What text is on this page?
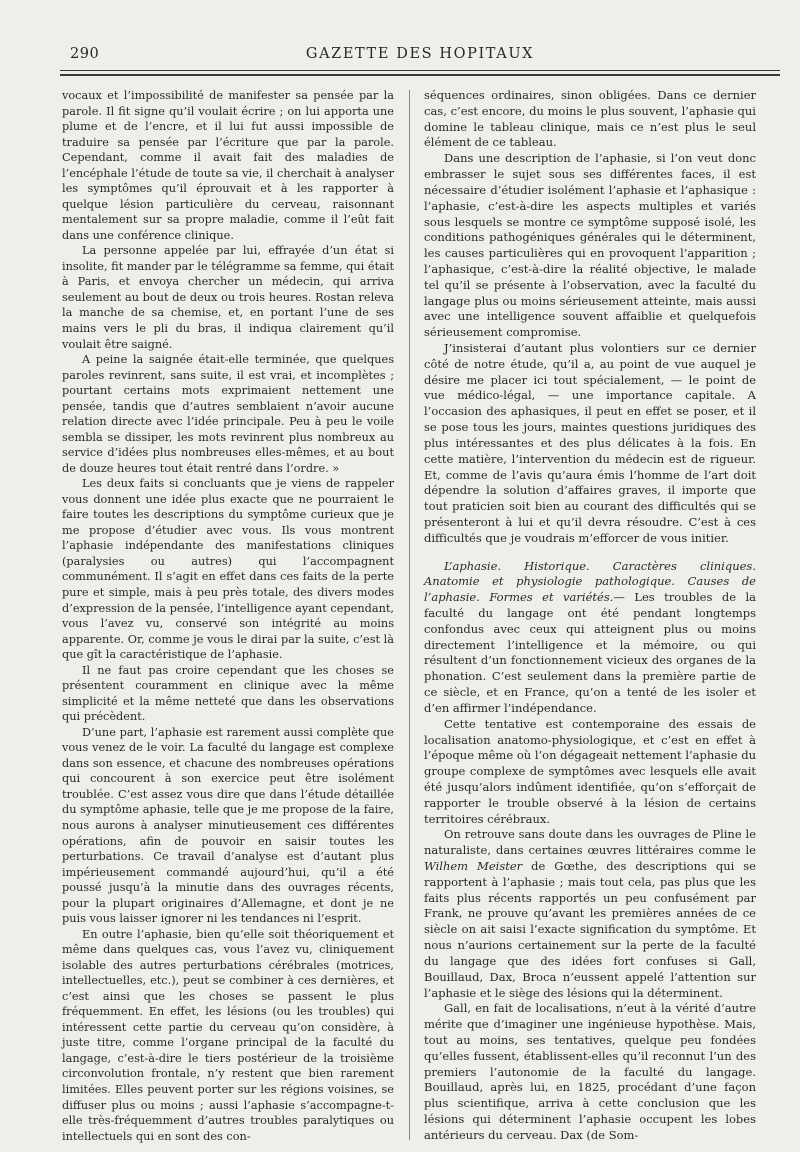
290	GAZETTE DES HOPITAUX

vocaux et l’impossibilité de manifester sa pensée par la parole. Il fit signe qu’il voulait écrire ; on lui apporta une plume et de l’encre, et il lui fut aussi impossible de traduire sa pensée par l’écriture que par la parole. Cependant, comme il avait fait des maladies de l’encéphale l’étude de toute sa vie, il cherchait à analyser les symptômes qu’il éprouvait et à les rapporter à quelque lésion particulière du cerveau, raisonnant mentalement sur sa propre maladie, comme il l’eût fait dans une conférence clinique.

La personne appelée par lui, effrayée d’un état si insolite, fit mander par le télégramme sa femme, qui était à Paris, et envoya chercher un médecin, qui arriva seulement au bout de deux ou trois heures. Rostan releva la manche de sa chemise, et, en portant l’une de ses mains vers le pli du bras, il indiqua clairement qu’il voulait être saigné.

A peine la saignée était-elle terminée, que quelques paroles revinrent, sans suite, il est vrai, et incomplètes ; pourtant certains mots exprimaient nettement une pensée, tandis que d’autres semblaient n’avoir aucune relation directe avec l’idée principale. Peu à peu le voile sembla se dissiper, les mots revinrent plus nombreux au service d’idées plus nombreuses elles-mêmes, et au bout de douze heures tout était rentré dans l’ordre. »

Les deux faits si concluants que je viens de rappeler vous donnent une idée plus exacte que ne pourraient le faire toutes les descriptions du symptôme curieux que je me propose d’étudier avec vous. Ils vous montrent l’aphasie indépendante des manifestations cliniques (paralysies ou autres) qui l’accompagnent communément. Il s’agit en effet dans ces faits de la perte pure et simple, mais à peu près totale, des divers modes d’expression de la pensée, l’intelligence ayant cependant, vous l’avez vu, conservé son intégrité au moins apparente. Or, comme je vous le dirai par la suite, c’est là que gît la caractéristique de l’aphasie.

Il ne faut pas croire cependant que les choses se présentent couramment en clinique avec la même simplicité et la même netteté que dans les observations qui précèdent.

D’une part, l’aphasie est rarement aussi complète que vous venez de le voir. La faculté du langage est complexe dans son essence, et chacune des nombreuses opérations qui concourent à son exercice peut être isolément troublée. C’est assez vous dire que dans l’étude détaillée du symptôme aphasie, telle que je me propose de la faire, nous aurons à analyser minutieusement ces différentes opérations, afin de pouvoir en saisir toutes les perturbations. Ce travail d’analyse est d’autant plus impérieusement commandé aujourd’hui, qu’il a été poussé jusqu’à la minutie dans des ouvrages récents, pour la plupart originaires d’Allemagne, et dont je ne puis vous laisser ignorer ni les tendances ni l’esprit.

En outre l’aphasie, bien qu’elle soit théoriquement et même dans quelques cas, vous l’avez vu, cliniquement isolable des autres perturbations cérébrales (motrices, intellectuelles, etc.), peut se combiner à ces dernières, et c’est ainsi que les choses se passent le plus fréquemment. En effet, les lésions (ou les troubles) qui intéressent cette partie du cerveau qu’on considère, à juste titre, comme l’organe principal de la faculté du langage, c’est-à-dire le tiers postérieur de la troisième circonvolution frontale, n’y restent que bien rarement limitées. Elles peuvent porter sur les régions voisines, se diffuser plus ou moins ; aussi l’aphasie s’accompagne-t-elle très-fréquemment d’autres troubles paralytiques ou intellectuels qui en sont des con-

séquences ordinaires, sinon obligées. Dans ce dernier cas, c’est encore, du moins le plus souvent, l’aphasie qui domine le tableau clinique, mais ce n’est plus le seul élément de ce tableau.

Dans une description de l’aphasie, si l’on veut donc embrasser le sujet sous ses différentes faces, il est nécessaire d’étudier isolément l’aphasie et l’aphasique : l’aphasie, c’est-à-dire les aspects multiples et variés sous lesquels se montre ce symptôme supposé isolé, les conditions pathogéniques générales qui le déterminent, les causes particulières qui en provoquent l’apparition ; l’aphasique, c’est-à-dire la réalité objective, le malade tel qu’il se présente à l’observation, avec la faculté du langage plus ou moins sérieusement atteinte, mais aussi avec une intelligence souvent affaiblie et quelquefois sérieusement compromise.

J’insisterai d’autant plus volontiers sur ce dernier côté de notre étude, qu’il a, au point de vue auquel je désire me placer ici tout spécialement, — le point de vue médico-légal, — une importance capitale. A l’occasion des aphasiques, il peut en effet se poser, et il se pose tous les jours, maintes questions juridiques des plus intéressantes et des plus délicates à la fois. En cette matière, l’intervention du médecin est de rigueur. Et, comme de l’avis qu’aura émis l’homme de l’art doit dépendre la solution d’affaires graves, il importe que tout praticien soit bien au courant des difficultés qui se présenteront à lui et qu’il devra résoudre. C’est à ces difficultés que je voudrais m’efforcer de vous initier.

L’aphasie. Historique. Caractères cliniques. Anatomie et physiologie pathologique. Causes de l’aphasie. Formes et variétés.— Les troubles de la faculté du langage ont été pendant longtemps confondus avec ceux qui atteignent plus ou moins directement l’intelligence et la mémoire, ou qui résultent d’un fonctionnement vicieux des organes de la phonation. C’est seulement dans la première partie de ce siècle, et en France, qu’on a tenté de les isoler et d’en affirmer l’indépendance.

Cette tentative est contemporaine des essais de localisation anatomo-physiologique, et c’est en effet à l’époque même où l’on dégageait nettement l’aphasie du groupe complexe de symptômes avec lesquels elle avait été jusqu’alors indûment identifiée, qu’on s’efforçait de rapporter le trouble observé à la lésion de certains territoires cérébraux.

On retrouve sans doute dans les ouvrages de Pline le naturaliste, dans certaines œuvres littéraires comme le Wilhem Meister de Gœthe, des descriptions qui se rapportent à l’aphasie ; mais tout cela, pas plus que les faits plus récents rapportés un peu confusément par Frank, ne prouve qu’avant les premières années de ce siècle on ait saisi l’exacte signification du symptôme. Et nous n’aurions certainement sur la perte de la faculté du langage que des idées fort confuses si Gall, Bouillaud, Dax, Broca n’eussent appelé l’attention sur l’aphasie et le siège des lésions qui la déterminent.

Gall, en fait de localisations, n’eut à la vérité d’autre mérite que d’imaginer une ingénieuse hypothèse. Mais, tout au moins, ses tentatives, quelque peu fondées qu’elles fussent, établissent-elles qu’il reconnut l’un des premiers l’autonomie de la faculté du langage. Bouillaud, après lui, en 1825, procédant d’une façon plus scientifique, arriva à cette conclusion que les lésions qui déterminent l’aphasie occupent les lobes antérieurs du cerveau. Dax (de Som-
